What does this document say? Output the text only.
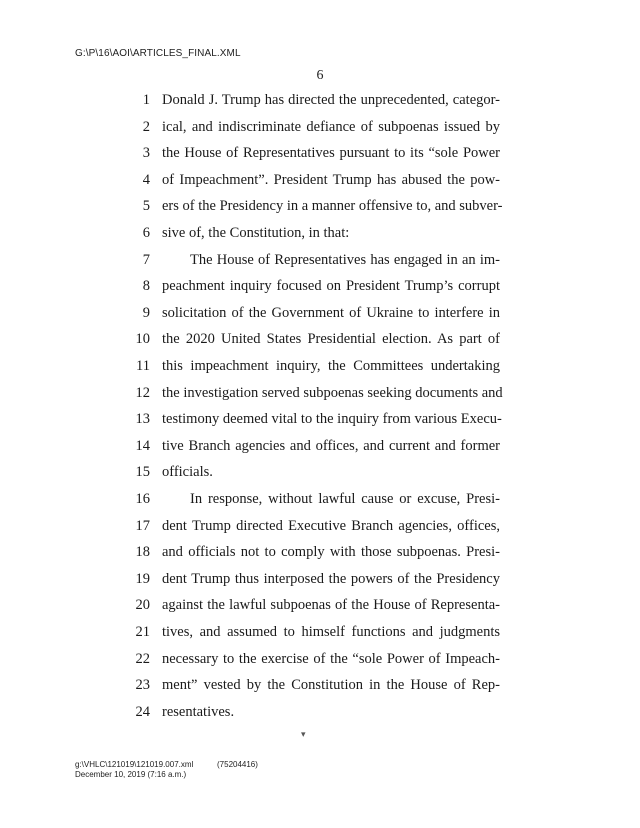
G:\P\16\AOI\ARTICLES_FINAL.XML
6
1 Donald J. Trump has directed the unprecedented, categor-
2 ical, and indiscriminate defiance of subpoenas issued by
3 the House of Representatives pursuant to its “sole Power
4 of Impeachment”. President Trump has abused the pow-
5 ers of the Presidency in a manner offensive to, and subver-
6 sive of, the Constitution, in that:
7	The House of Representatives has engaged in an im-
8 peachment inquiry focused on President Trump’s corrupt
9 solicitation of the Government of Ukraine to interfere in
10 the 2020 United States Presidential election. As part of
11 this impeachment inquiry, the Committees undertaking
12 the investigation served subpoenas seeking documents and
13 testimony deemed vital to the inquiry from various Execu-
14 tive Branch agencies and offices, and current and former
15 officials.
16	In response, without lawful cause or excuse, Presi-
17 dent Trump directed Executive Branch agencies, offices,
18 and officials not to comply with those subpoenas. Presi-
19 dent Trump thus interposed the powers of the Presidency
20 against the lawful subpoenas of the House of Representa-
21 tives, and assumed to himself functions and judgments
22 necessary to the exercise of the “sole Power of Impeach-
23 ment” vested by the Constitution in the House of Rep-
24 resentatives.
▾
g:\VHLC\121019\121019.007.xml
December 10, 2019 (7:16 a.m.)
(75204416)
